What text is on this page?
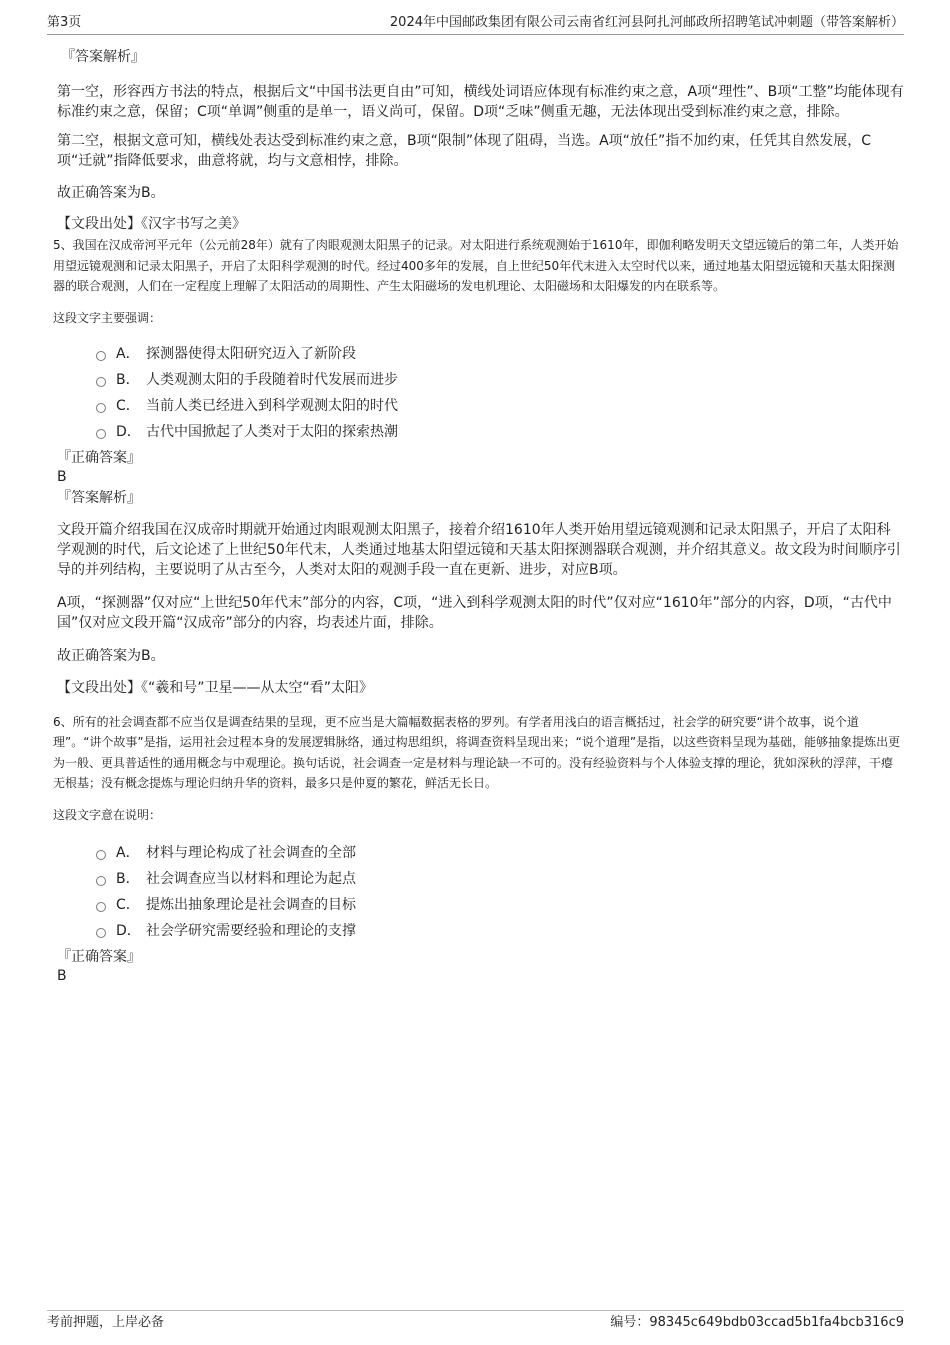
第3页	2024年中国邮政集团有限公司云南省红河县阿扎河邮政所招聘笔试冲刺题（带答案解析）

『答案解析』

第一空，形容西方书法的特点，根据后文“中国书法更自由”可知，横线处词语应体现有标准约束之意，A项“理性”、B项“工整”均能体现有标准约束之意，保留；C项“单调”侧重的是单一，语义尚可，保留。D项“乏味”侧重无趣，无法体现出受到标准约束之意，排除。

第二空，根据文意可知，横线处表达受到标准约束之意，B项“限制”体现了阻碍，当选。A项“放任”指不加约束，任凭其自然发展，C项“迁就”指降低要求，曲意将就，均与文意相悖，排除。

故正确答案为B。

【文段出处】《汉字书写之美》

5、我国在汉成帝河平元年（公元前28年）就有了肉眼观测太阳黑子的记录。对太阳进行系统观测始于1610年，即伽利略发明天文望远镜后的第二年，人类开始用望远镜观测和记录太阳黑子，开启了太阳科学观测的时代。经过400多年的发展，自上世纪50年代末进入太空时代以来，通过地基太阳望远镜和天基太阳探测器的联合观测，人们在一定程度上理解了太阳活动的周期性、产生太阳磁场的发电机理论、太阳磁场和太阳爆发的内在联系等。

这段文字主要强调：

A． 探测器使得太阳研究迈入了新阶段
B． 人类观测太阳的手段随着时代发展而进步
C． 当前人类已经进入到科学观测太阳的时代
D． 古代中国掀起了人类对于太阳的探索热潮

『正确答案』

B

『答案解析』

文段开篇介绍我国在汉成帝时期就开始通过肉眼观测太阳黑子，接着介绍1610年人类开始用望远镜观测和记录太阳黑子，开启了太阳科学观测的时代，后文论述了上世纪50年代末，人类通过地基太阳望远镜和天基太阳探测器联合观测，并介绍其意义。故文段为时间顺序引导的并列结构，主要说明了从古至今，人类对太阳的观测手段一直在更新、进步，对应B项。

A项，“探测器”仅对应“上世纪50年代末”部分的内容，C项，“进入到科学观测太阳的时代”仅对应“1610年”部分的内容，D项，“古代中国”仅对应文段开篇“汉成帝”部分的内容，均表述片面，排除。

故正确答案为B。

【文段出处】《“羲和号”卫星——从太空“看”太阳》

6、所有的社会调查都不应当仅是调查结果的呈现，更不应当是大篇幅数据表格的罗列。有学者用浅白的语言概括过，社会学的研究要“讲个故事，说个道理”。“讲个故事”是指，运用社会过程本身的发展逻辑脉络，通过构思组织，将调查资料呈现出来；“说个道理”是指，以这些资料呈现为基础，能够抽象提炼出更为一般、更具普适性的通用概念与中观理论。换句话说，社会调查一定是材料与理论缺一不可的。没有经验资料与个人体验支撑的理论，犹如深秋的浮萍，干瘪无根基；没有概念提炼与理论归纳升华的资料，最多只是仲夏的繁花，鲜活无长日。

这段文字意在说明：

A． 材料与理论构成了社会调查的全部
B． 社会调查应当以材料和理论为起点
C． 提炼出抽象理论是社会调查的目标
D． 社会学研究需要经验和理论的支撑

『正确答案』

B

考前押题，上岸必备	编号：98345c649bdb03ccad5b1fa4bcb316c9
